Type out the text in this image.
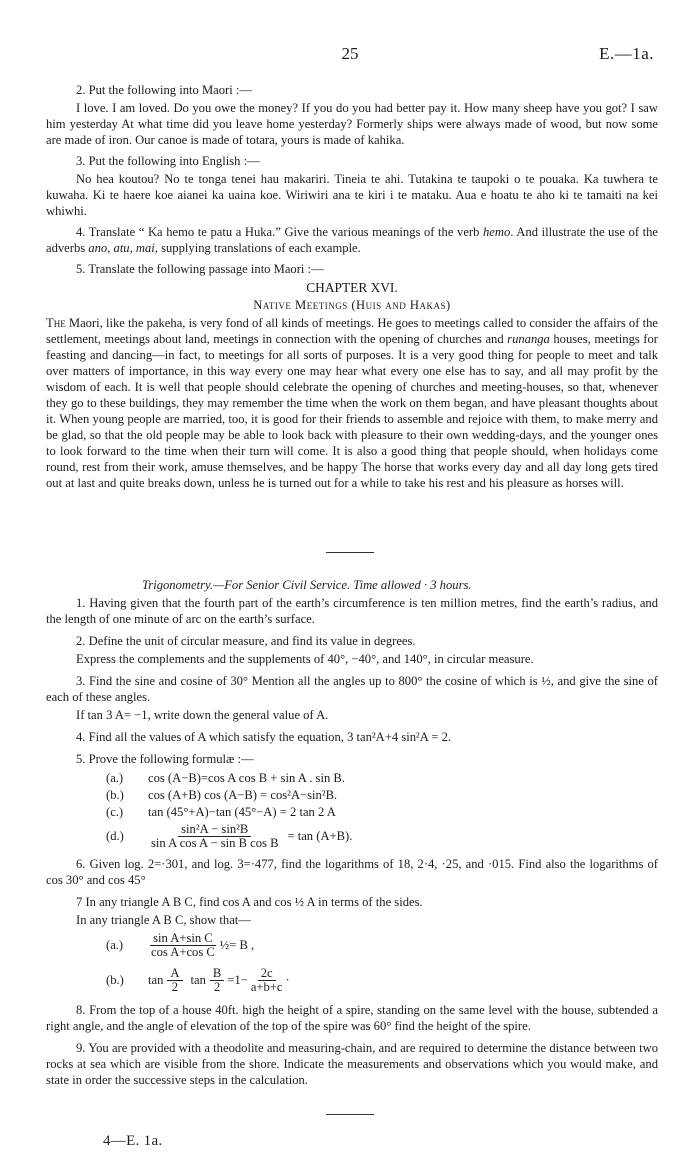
25	E.—1a.

2. Put the following into Maori :—

I love. I am loved. Do you owe the money? If you do you had better pay it. How many sheep have you got? I saw him yesterday At what time did you leave home yesterday? Formerly ships were always made of wood, but now some are made of iron. Our canoe is made of totara, yours is made of kahika.

3. Put the following into English :—

No hea koutou? No te tonga tenei hau makariri. Tineia te ahi. Tutakina te taupoki o te pouaka. Ka tuwhera te kuwaha. Ki te haere koe aianei ka uaina koe. Wiriwiri ana te kiri i te mataku. Aua e hoatu te aho ki te tamaiti na kei whiwhi.

4. Translate “ Ka hemo te patu a Huka.” Give the various meanings of the verb hemo. And illustrate the use of the adverbs ano, atu, mai, supplying translations of each example.

5. Translate the following passage into Maori :—

CHAPTER XVI.

Native Meetings (Huis and Hakas)

The Maori, like the pakeha, is very fond of all kinds of meetings. He goes to meetings called to consider the affairs of the settlement, meetings about land, meetings in connection with the opening of churches and runanga houses, meetings for feasting and dancing—in fact, to meetings for all sorts of purposes. It is a very good thing for people to meet and talk over matters of importance, in this way every one may hear what every one else has to say, and all may profit by the wisdom of each. It is well that people should celebrate the opening of churches and meeting-houses, so that, whenever they go to these buildings, they may remember the time when the work on them began, and have pleasant thoughts about it. When young people are married, too, it is good for their friends to assemble and rejoice with them, to make merry and be glad, so that the old people may be able to look back with pleasure to their own wedding-days, and the younger ones to look forward to the time when their turn will come. It is also a good thing that people should, when holidays come round, rest from their work, amuse themselves, and be happy The horse that works every day and all day long gets tired out at last and quite breaks down, unless he is turned out for a while to take his rest and his pleasure as horses will.

Trigonometry.—For Senior Civil Service. Time allowed · 3 hours.

1. Having given that the fourth part of the earth’s circumference is ten million metres, find the earth’s radius, and the length of one minute of arc on the earth’s surface.

2. Define the unit of circular measure, and find its value in degrees.

Express the complements and the supplements of 40°, −40°, and 140°, in circular measure.

3. Find the sine and cosine of 30° Mention all the angles up to 800° the cosine of which is ½, and give the sine of each of these angles.

If tan 3 A= −1, write down the general value of A.

4. Find all the values of A which satisfy the equation, 3 tan²A+4 sin²A = 2.

5. Prove the following formulæ :—

(a.)	cos (A−B)=cos A cos B + sin A . sin B.
(b.)	cos (A+B) cos (A−B) = cos²A−sin²B.
(c.)	tan (45°+A)−tan (45°−A) = 2 tan 2 A
(d.)	$\frac{\text{sin²A − sin²B}}{\text{sin A cos A − sin B cos B}} = \tan (A+B)$.

6. Given log. 2=·301, and log. 3=·477, find the logarithms of 18, 2·4, ·25, and ·015. Find also the logarithms of cos 30° and cos 45°

7 In any triangle A B C, find cos A and cos ½ A in terms of the sides.

In any triangle A B C, show that—

(a.)	$\frac{\text{sin A+sin C}}{\text{cos A+cos C}}$ ½= B ,
(b.)	$\tan \frac{A}{2}$ $\tan \frac{B}{2} =1- \frac{2c}{a+b+c}$ ·

8. From the top of a house 40ft. high the height of a spire, standing on the same level with the house, subtended a right angle, and the angle of elevation of the top of the spire was 60° find the height of the spire.

9. You are provided with a theodolite and measuring-chain, and are required to determine the distance between two rocks at sea which are visible from the shore. Indicate the measurements and observations which you would make, and state in order the successive steps in the calculation.

4—E. 1a.
